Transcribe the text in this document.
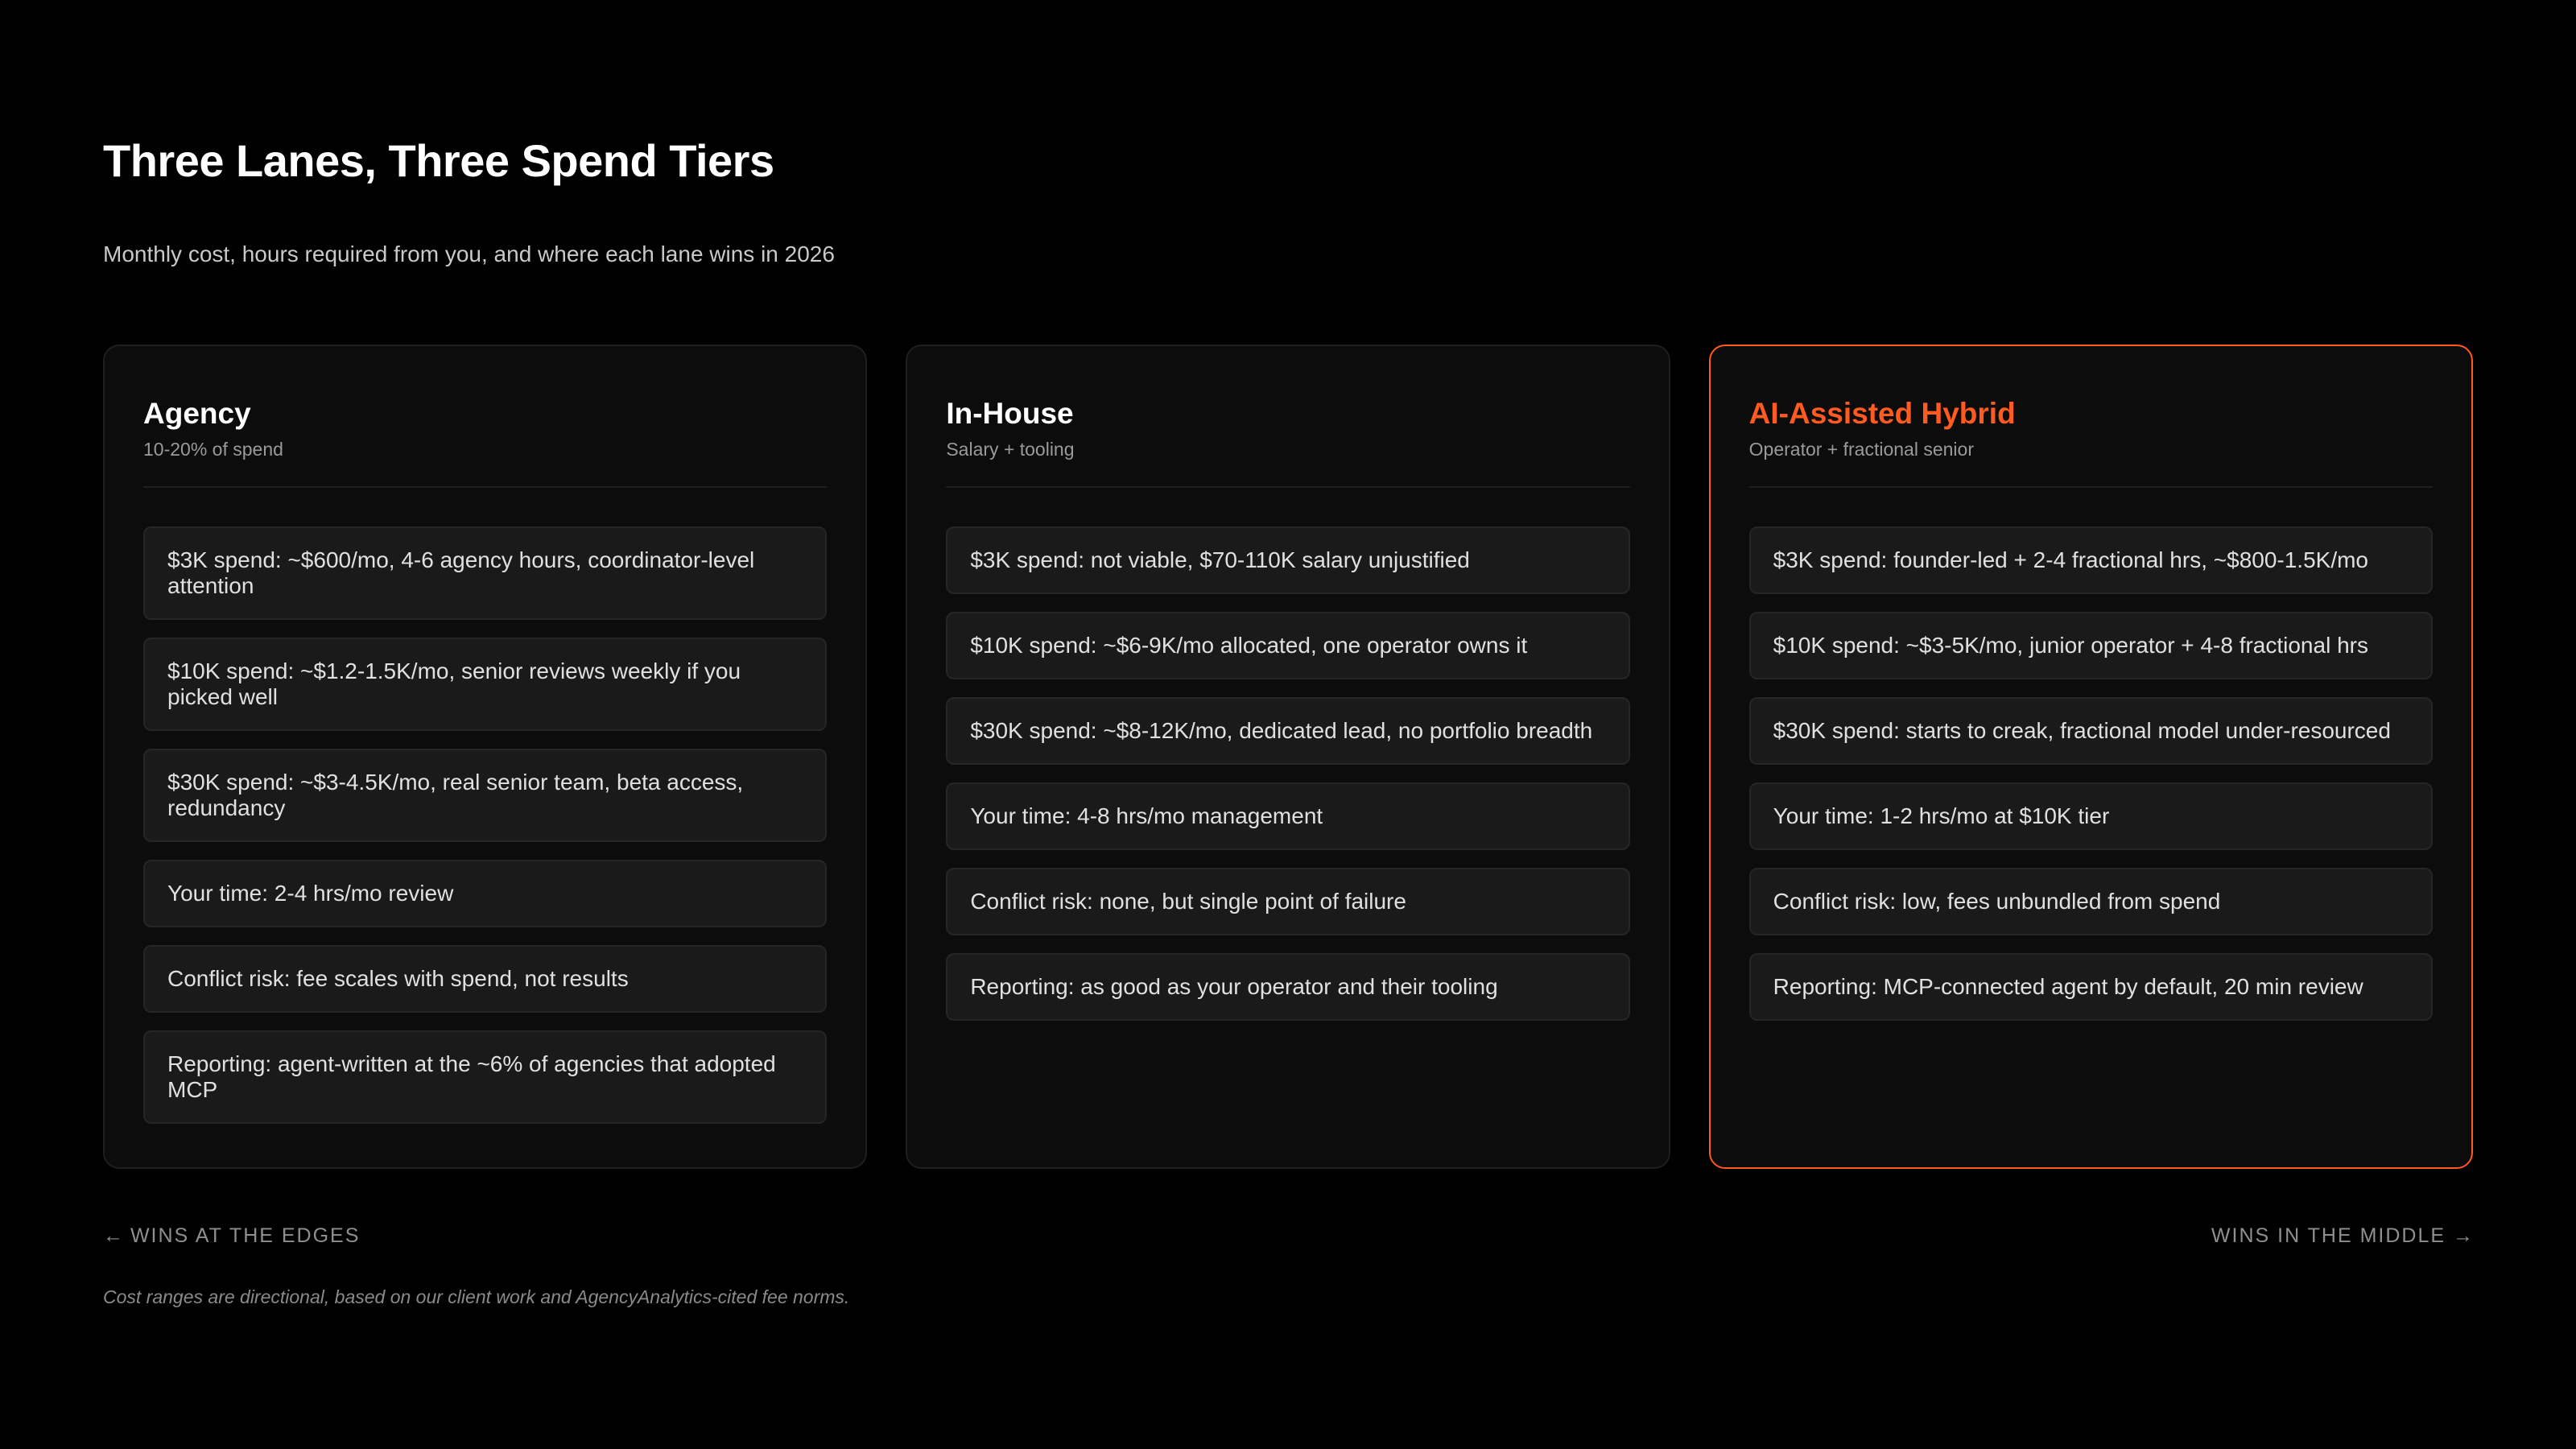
Three Lanes, Three Spend Tiers
Monthly cost, hours required from you, and where each lane wins in 2026
Agency
10-20% of spend
$3K spend: ~$600/mo, 4-6 agency hours, coordinator-level attention
$10K spend: ~$1.2-1.5K/mo, senior reviews weekly if you picked well
$30K spend: ~$3-4.5K/mo, real senior team, beta access, redundancy
Your time: 2-4 hrs/mo review
Conflict risk: fee scales with spend, not results
Reporting: agent-written at the ~6% of agencies that adopted MCP
In-House
Salary + tooling
$3K spend: not viable, $70-110K salary unjustified
$10K spend: ~$6-9K/mo allocated, one operator owns it
$30K spend: ~$8-12K/mo, dedicated lead, no portfolio breadth
Your time: 4-8 hrs/mo management
Conflict risk: none, but single point of failure
Reporting: as good as your operator and their tooling
AI-Assisted Hybrid
Operator + fractional senior
$3K spend: founder-led + 2-4 fractional hrs, ~$800-1.5K/mo
$10K spend: ~$3-5K/mo, junior operator + 4-8 fractional hrs
$30K spend: starts to creak, fractional model under-resourced
Your time: 1-2 hrs/mo at $10K tier
Conflict risk: low, fees unbundled from spend
Reporting: MCP-connected agent by default, 20 min review
← WINS AT THE EDGES	WINS IN THE MIDDLE →
Cost ranges are directional, based on our client work and AgencyAnalytics-cited fee norms.
